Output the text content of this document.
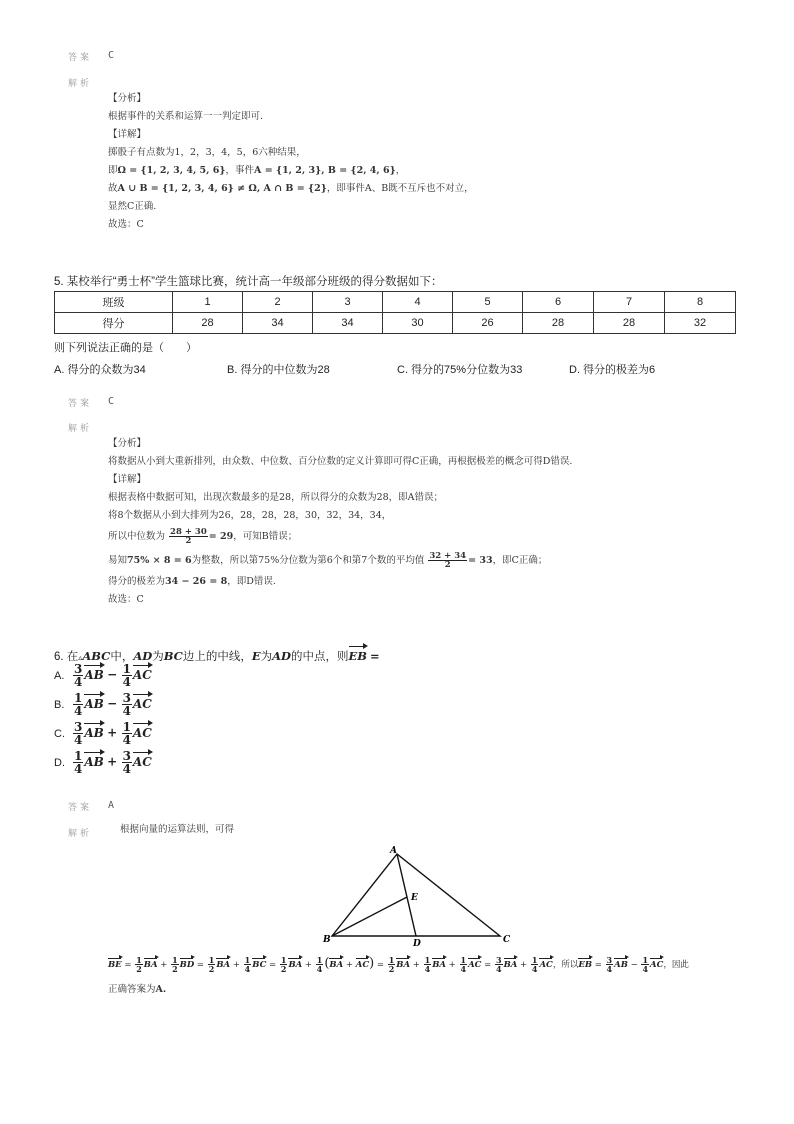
答案 C
解析
【分析】
根据事件的关系和运算一一判定即可.
【详解】
掷骰子有点数为1，2，3，4，5，6六种结果，
即Ω = {1, 2, 3, 4, 5, 6}，事件A = {1, 2, 3}, B = {2, 4, 6}，
故A ∪ B = {1, 2, 3, 4, 6} ≠ Ω, A ∩ B = {2}，即事件A、B既不互斥也不对立，
显然C正确.
故选：C
5. 某校举行“勇士杯”学生篮球比赛，统计高一年级部分班级的得分数据如下：
班级	1	2	3	4	5	6	7	8
得分	28	34	34	30	26	28	28	32
则下列说法正确的是（　　）
A. 得分的众数为34	B. 得分的中位数为28	C. 得分的75%分位数为33	D. 得分的极差为6
答案 C
解析
【分析】
将数据从小到大重新排列，由众数、中位数、百分位数的定义计算即可得C正确，再根据极差的概念可得D错误.
【详解】
根据表格中数据可知，出现次数最多的是28，所以得分的众数为28，即A错误；
将8个数据从小到大排列为26，28，28，28，30，32，34，34，
所以中位数为 $\frac{28 + 30}{2} = 29$，可知B错误；
易知75% × 8 = 6为整数，所以第75%分位数为第6个和第7个数的平均值 $\frac{32 + 34}{2} = 33$，即C正确；
得分的极差为34 − 26 = 8，即D错误.
故选：C
6. 在▵ABC中，AD为BC边上的中线，E为AD的中点，则EB =
A. $\frac{3}{4}$ AB − $\frac{1}{4}$ AC
B. $\frac{1}{4}$ AB − $\frac{3}{4}$ AC
C. $\frac{3}{4}$ AB + $\frac{1}{4}$ AC
D. $\frac{1}{4}$ AB + $\frac{3}{4}$ AC
答案 A
解析	根据向量的运算法则，可得
A
B	C
D
E
BE = $\frac{1}{2}$ BA + $\frac{1}{2}$ BD = $\frac{1}{2}$ BA + $\frac{1}{4}$ BC = $\frac{1}{2}$ BA + $\frac{1}{4} (BA + AC) = \frac{1}{2}$ BA + $\frac{1}{4}$ BA + $\frac{1}{4}$ AC = $\frac{3}{4}$ BA + $\frac{1}{4}$ AC，所以EB = $\frac{3}{4}$ AB − $\frac{1}{4}$ AC，因此
正确答案为A.
